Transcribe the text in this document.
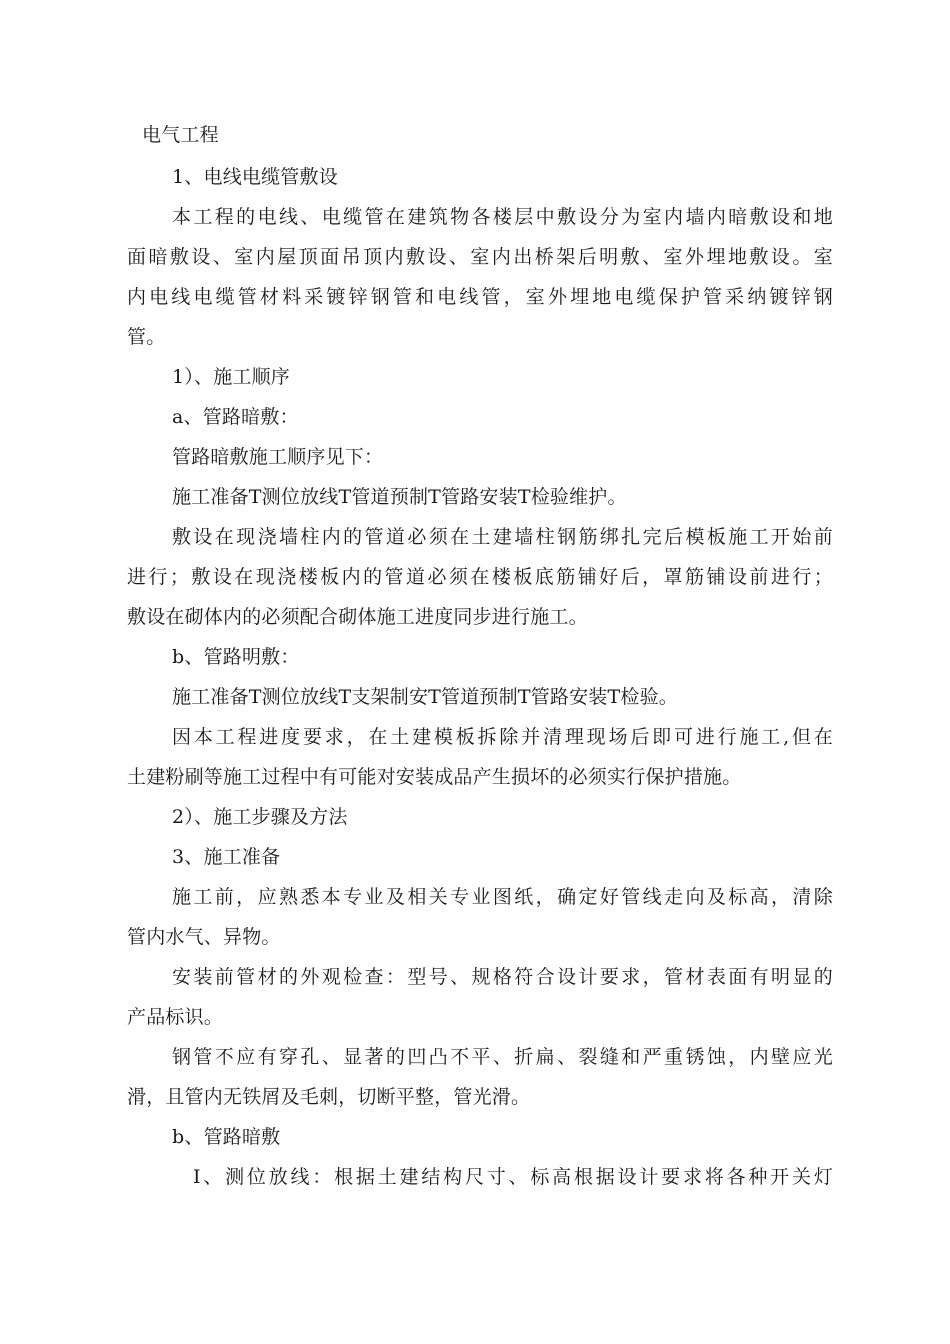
电气工程
1、电线电缆管敷设
本工程的电线、电缆管在建筑物各楼层中敷设分为室内墙内暗敷设和地
面暗敷设、室内屋顶面吊顶内敷设、室内出桥架后明敷、室外埋地敷设。室
内电线电缆管材料采镀锌钢管和电线管，室外埋地电缆保护管采纳镀锌钢
管。
1）、施工顺序
a、管路暗敷：
管路暗敷施工顺序见下：
施工准备T测位放线T管道预制T管路安装T检验维护。
敷设在现浇墙柱内的管道必须在土建墙柱钢筋绑扎完后模板施工开始前
进行；敷设在现浇楼板内的管道必须在楼板底筋铺好后，罩筋铺设前进行；
敷设在砌体内的必须配合砌体施工进度同步进行施工。
b、管路明敷：
施工准备T测位放线T支架制安T管道预制T管路安装T检验。
因本工程进度要求，在土建模板拆除并清理现场后即可进行施工,但在
土建粉刷等施工过程中有可能对安装成品产生损坏的必须实行保护措施。
2）、施工步骤及方法
3、施工准备
施工前，应熟悉本专业及相关专业图纸，确定好管线走向及标高，清除
管内水气、异物。
安装前管材的外观检查：型号、规格符合设计要求，管材表面有明显的
产品标识。
钢管不应有穿孔、显著的凹凸不平、折扁、裂缝和严重锈蚀，内壁应光
滑，且管内无铁屑及毛刺，切断平整，管光滑。
b、管路暗敷
I、测位放线：根据土建结构尺寸、标高根据设计要求将各种开关灯
